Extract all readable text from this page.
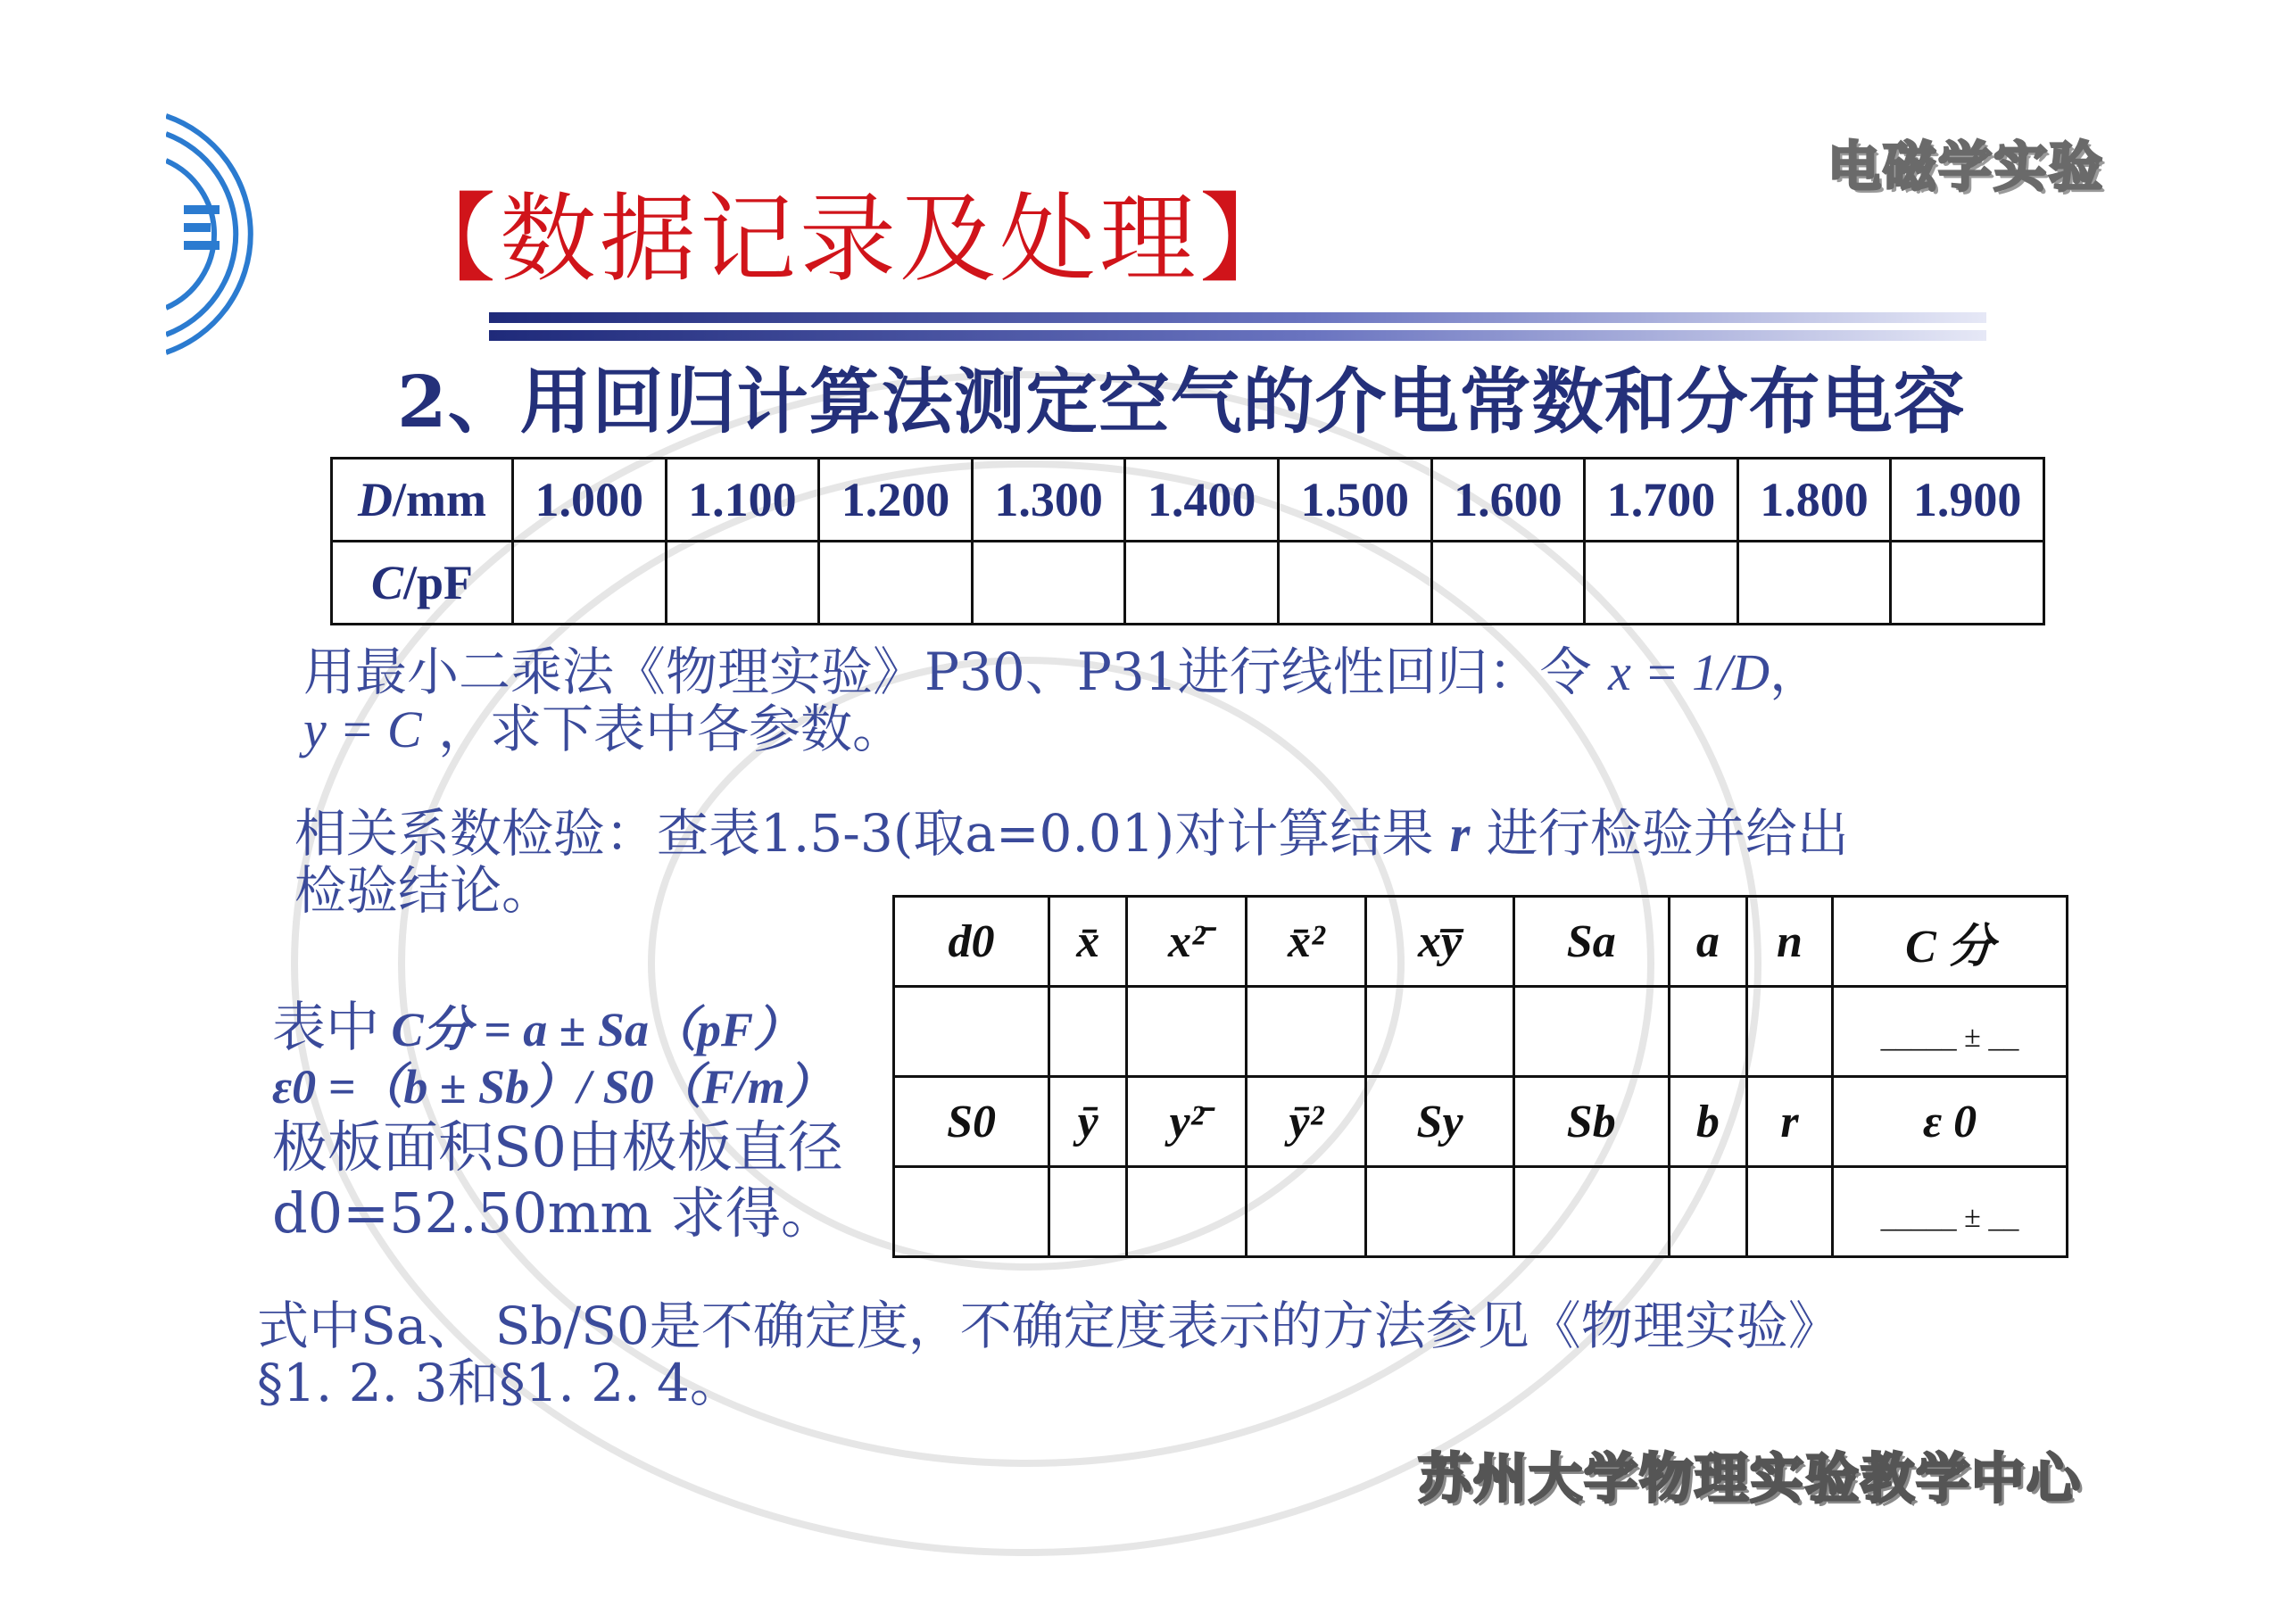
电磁学实验
【数据记录及处理】
2、用回归计算法测定空气的介电常数和分布电容
D/mm	1.000	1.100	1.200	1.300	1.400	1.500	1.600	1.700	1.800	1.900
C/pF										
用最小二乘法《物理实验》P30、P31进行线性回归：令 x = 1/D，
y = C ，求下表中各参数。
相关系数检验：查表1.5-3(取a=0.01)对计算结果 r 进行检验并给出
检验结论。
表中 C分 = a ± Sa（pF）
ε0 =（b ± Sb）/ S0（F/m）
极板面积S0由极板直径
d0=52.50mm 求得。
d0	x̄	x²̄	x̄²	xy̅	Sa	a	n	C 分
								_____ ± __
S0	ȳ	y²̄	ȳ²	Sy	Sb	b	r	ε 0
								_____ ± __
式中Sa、 Sb/S0是不确定度，不确定度表示的方法参见《物理实验》
§1. 2. 3和§1. 2. 4。
苏州大学物理实验教学中心
